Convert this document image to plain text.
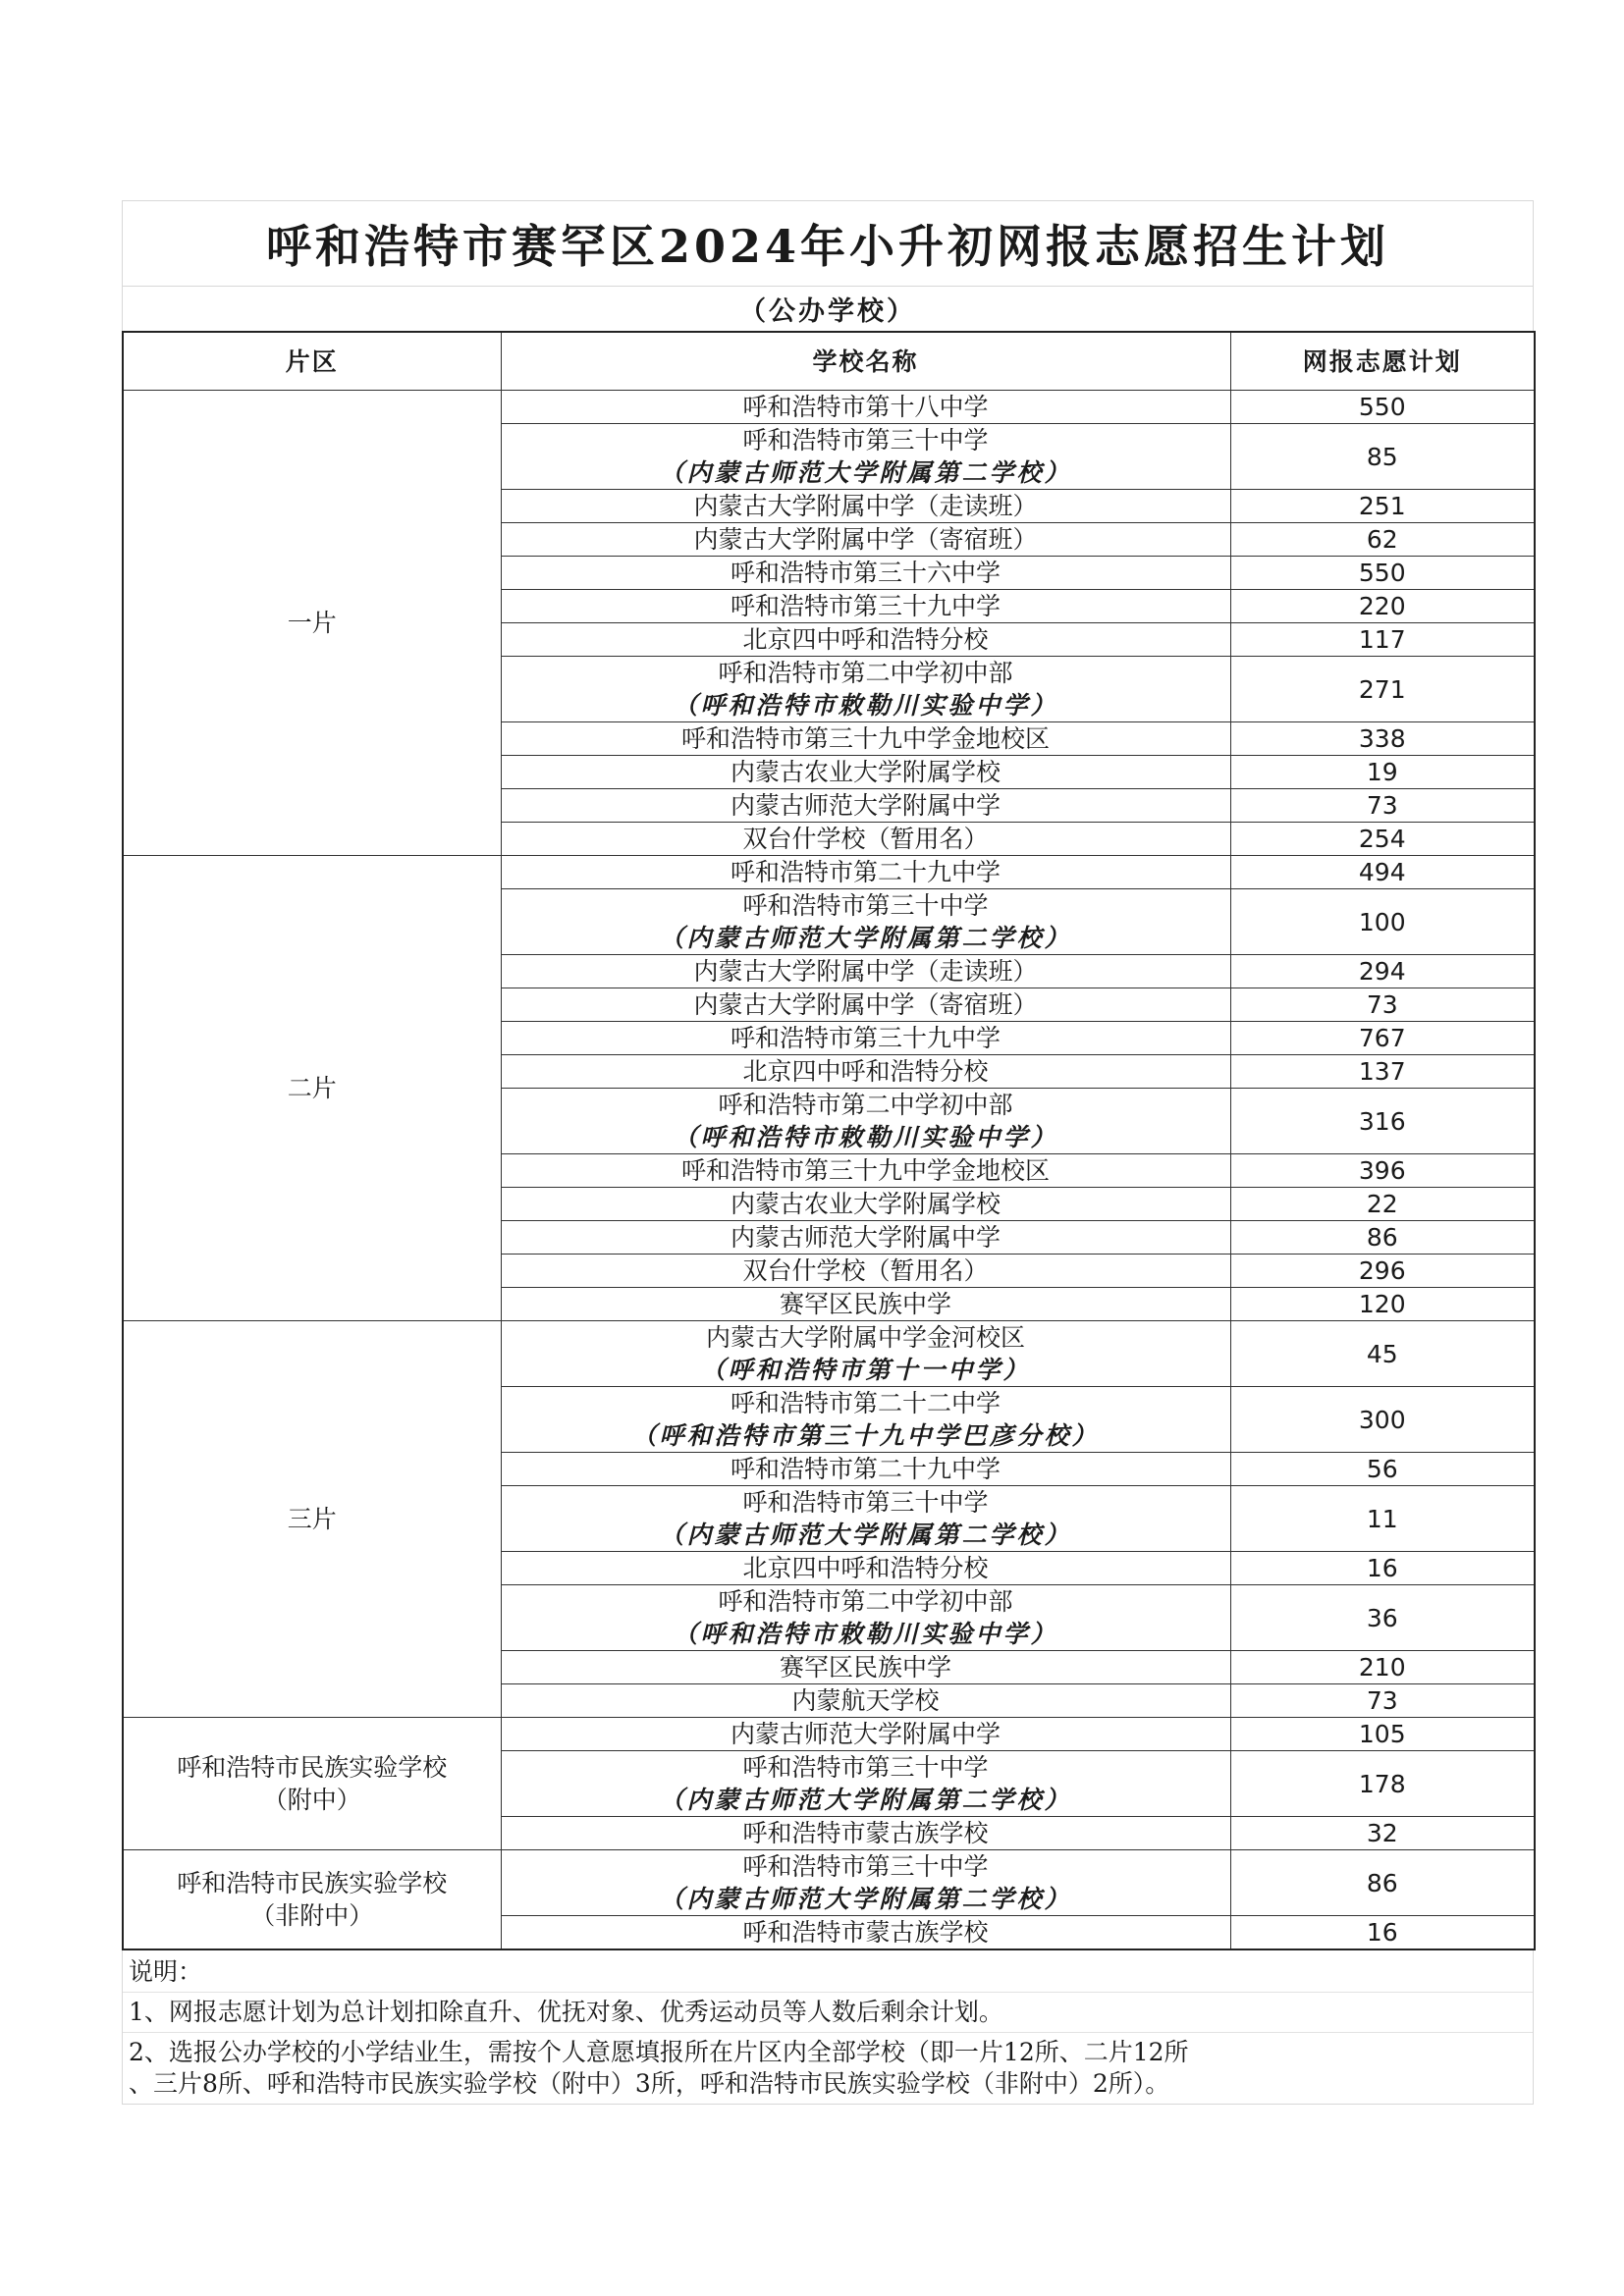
呼和浩特市赛罕区2024年小升初网报志愿招生计划
（公办学校）
片区	学校名称	网报志愿计划

一片	呼和浩特市第十八中学	550

	呼和浩特市第三十中学
（内蒙古师范大学附属第二学校）	85

	内蒙古大学附属中学（走读班）	251

	内蒙古大学附属中学（寄宿班）	62

	呼和浩特市第三十六中学	550

	呼和浩特市第三十九中学	220

	北京四中呼和浩特分校	117

	呼和浩特市第二中学初中部
（呼和浩特市敕勒川实验中学）	271

	呼和浩特市第三十九中学金地校区	338

	内蒙古农业大学附属学校	19

	内蒙古师范大学附属中学	73

	双台什学校（暂用名）	254

二片	呼和浩特市第二十九中学	494

	呼和浩特市第三十中学
（内蒙古师范大学附属第二学校）	100

	内蒙古大学附属中学（走读班）	294

	内蒙古大学附属中学（寄宿班）	73

	呼和浩特市第三十九中学	767

	北京四中呼和浩特分校	137

	呼和浩特市第二中学初中部
（呼和浩特市敕勒川实验中学）	316

	呼和浩特市第三十九中学金地校区	396

	内蒙古农业大学附属学校	22

	内蒙古师范大学附属中学	86

	双台什学校（暂用名）	296

	赛罕区民族中学	120

三片	内蒙古大学附属中学金河校区
（呼和浩特市第十一中学）	45

	呼和浩特市第二十二中学
（呼和浩特市第三十九中学巴彦分校）	300

	呼和浩特市第二十九中学	56

	呼和浩特市第三十中学
（内蒙古师范大学附属第二学校）	11

	北京四中呼和浩特分校	16

	呼和浩特市第二中学初中部
（呼和浩特市敕勒川实验中学）	36

	赛罕区民族中学	210

	内蒙航天学校	73

呼和浩特市民族实验学校
（附中）	内蒙古师范大学附属中学	105

	呼和浩特市第三十中学
（内蒙古师范大学附属第二学校）	178

	呼和浩特市蒙古族学校	32

呼和浩特市民族实验学校
（非附中）	呼和浩特市第三十中学
（内蒙古师范大学附属第二学校）	86

	呼和浩特市蒙古族学校	16
说明：
1、网报志愿计划为总计划扣除直升、优抚对象、优秀运动员等人数后剩余计划。
2、选报公办学校的小学结业生，需按个人意愿填报所在片区内全部学校（即一片12所、二片12所
、三片8所、呼和浩特市民族实验学校（附中）3所，呼和浩特市民族实验学校（非附中）2所）。
